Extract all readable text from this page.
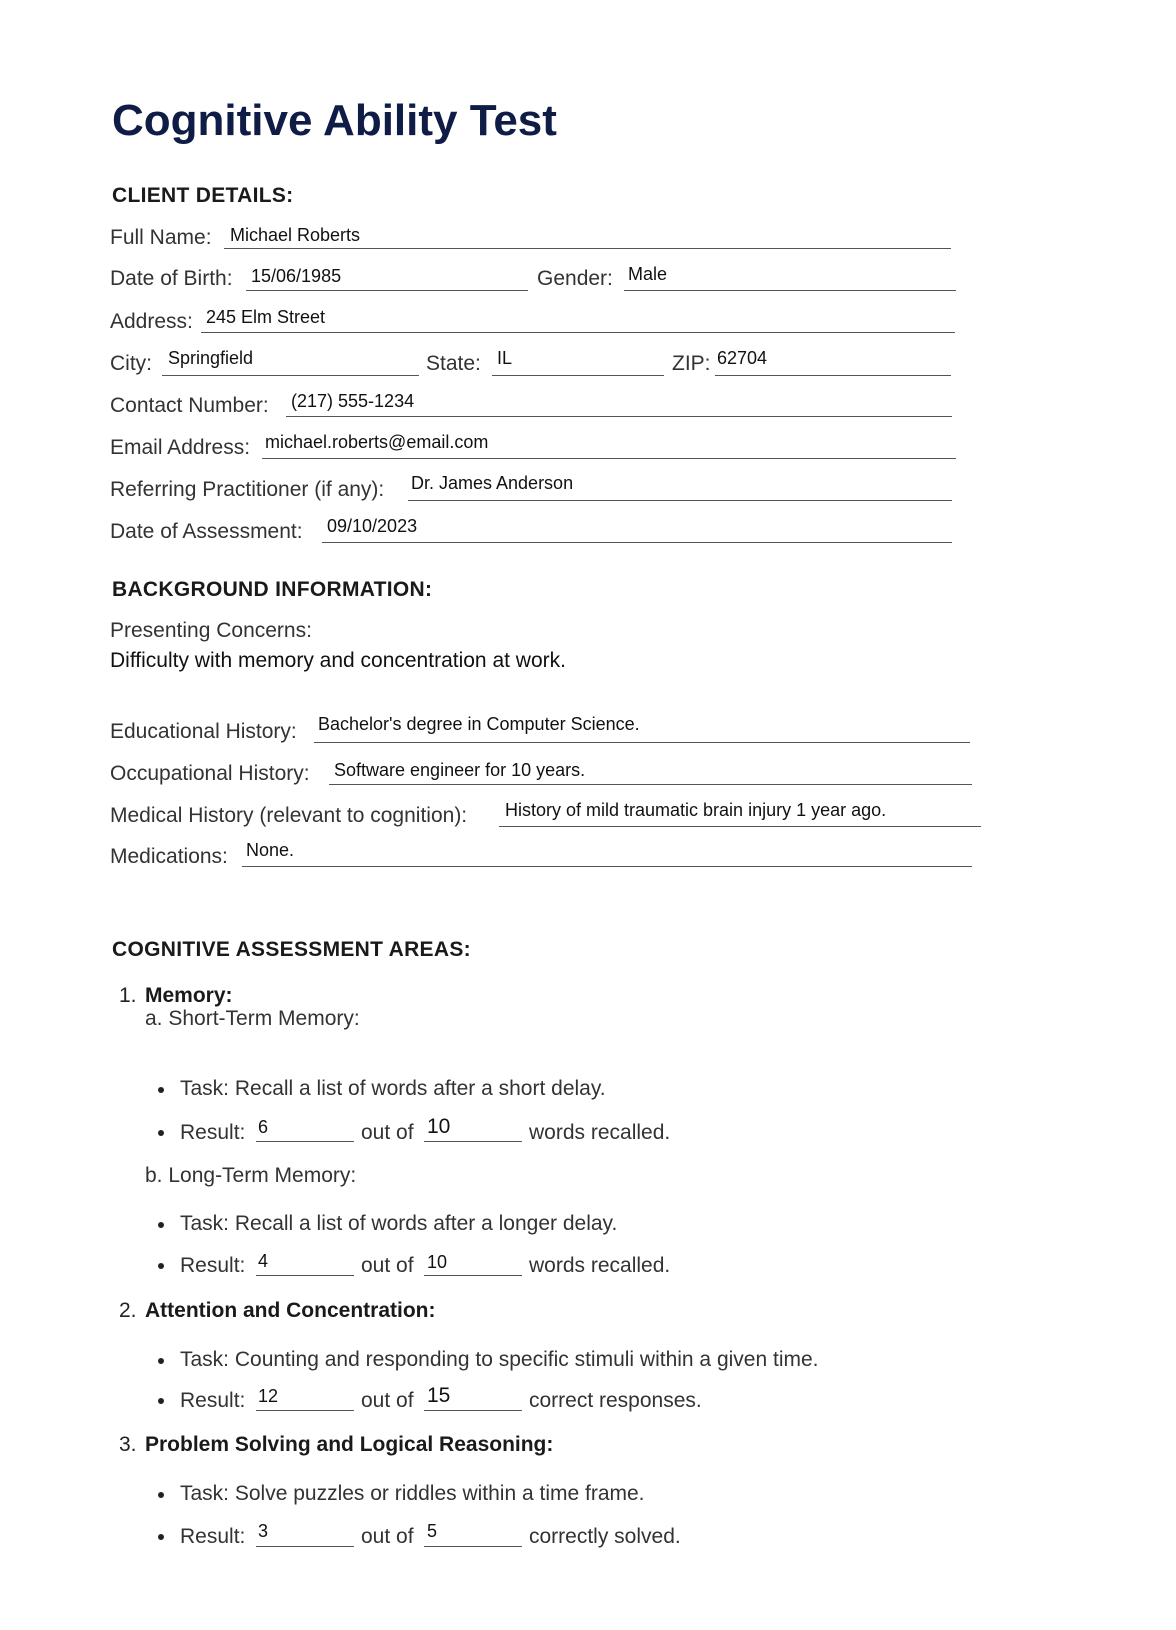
Cognitive Ability Test
CLIENT DETAILS:
Full Name: Michael Roberts
Date of Birth: 15/06/1985	Gender: Male
Address: 245 Elm Street
City: Springfield	State: IL	ZIP: 62704
Contact Number: (217) 555-1234
Email Address: michael.roberts@email.com
Referring Practitioner (if any): Dr. James Anderson
Date of Assessment: 09/10/2023
BACKGROUND INFORMATION:
Presenting Concerns:
Difficulty with memory and concentration at work.
Educational History: Bachelor's degree in Computer Science.
Occupational History: Software engineer for 10 years.
Medical History (relevant to cognition): History of mild traumatic brain injury 1 year ago.
Medications: None.
COGNITIVE ASSESSMENT AREAS:
1. Memory:
a. Short-Term Memory:
Task: Recall a list of words after a short delay.
Result: 6	out of 10	words recalled.
b. Long-Term Memory:
Task: Recall a list of words after a longer delay.
Result: 4	out of 10	words recalled.
2. Attention and Concentration:
Task: Counting and responding to specific stimuli within a given time.
Result: 12	out of 15	correct responses.
3. Problem Solving and Logical Reasoning:
Task: Solve puzzles or riddles within a time frame.
Result: 3	out of 5	correctly solved.
